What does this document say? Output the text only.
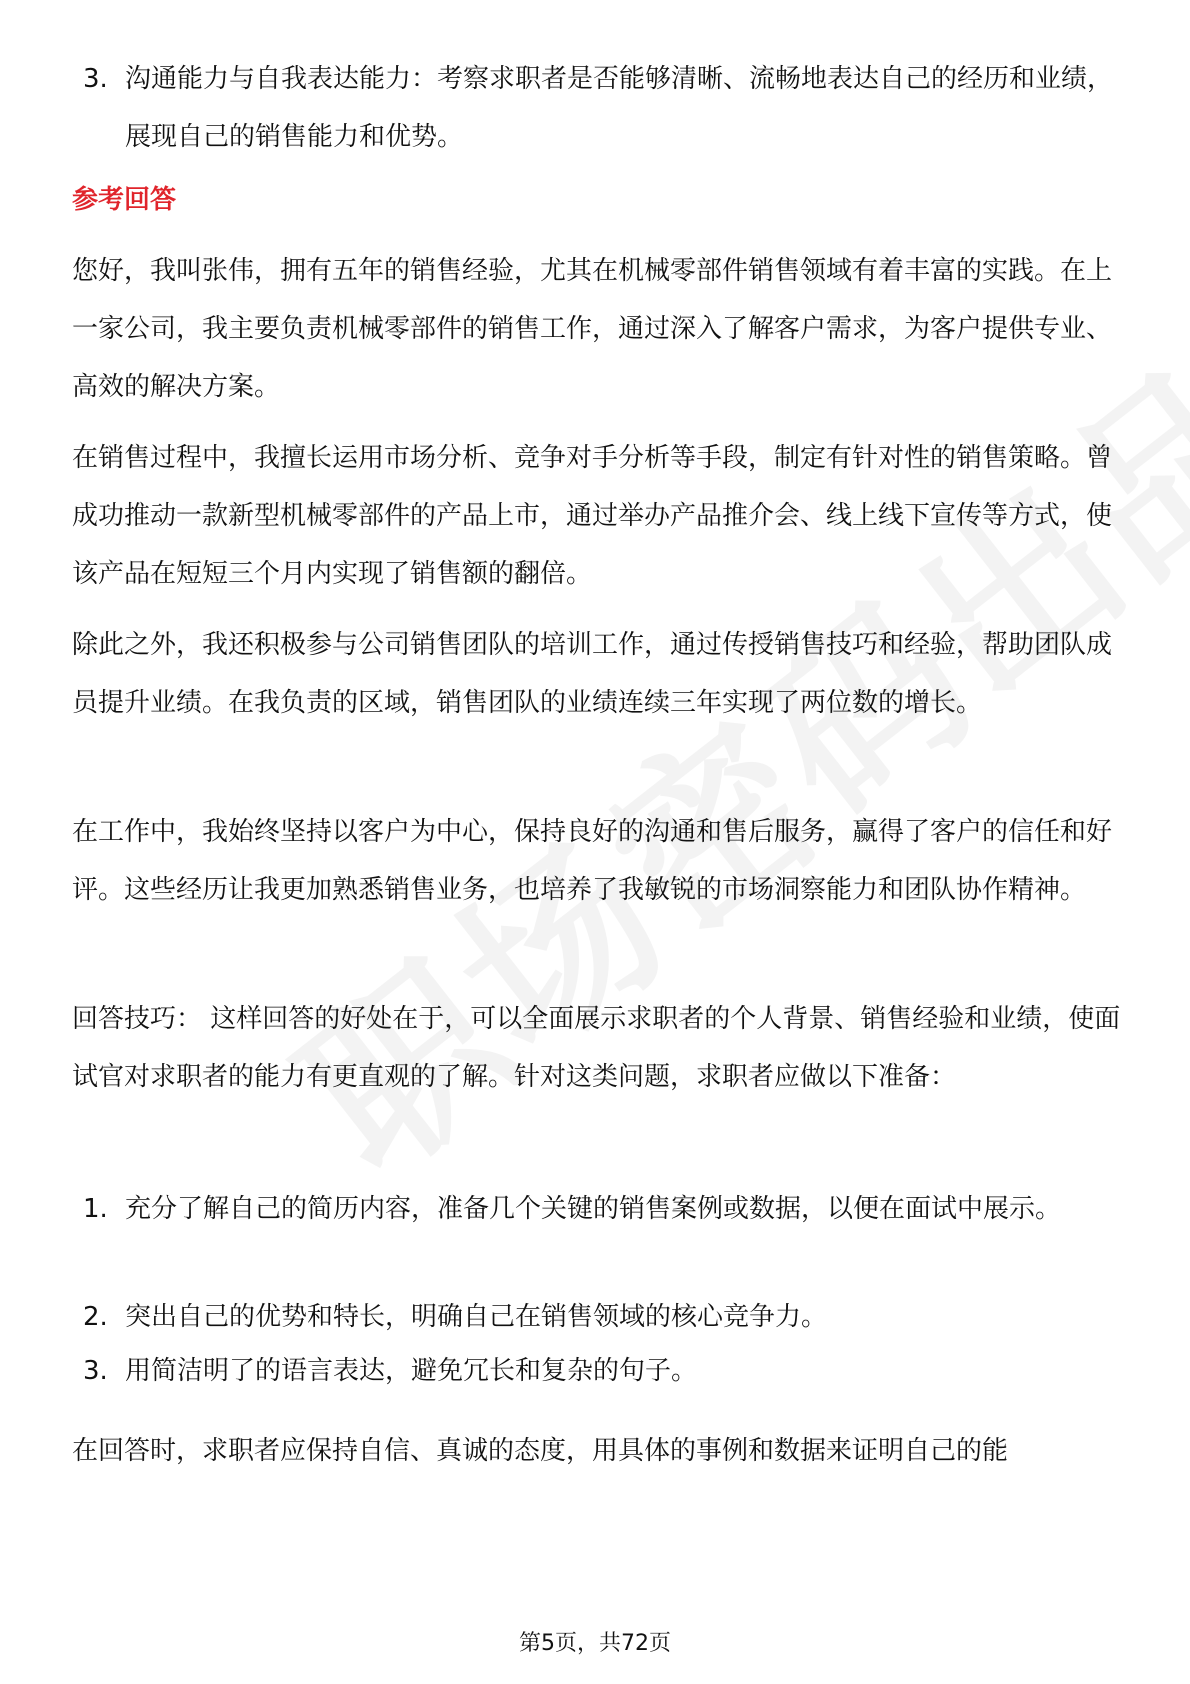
3. 沟通能力与自我表达能力：考察求职者是否能够清晰、流畅地表达自己的经历和业绩，展现自己的销售能力和优势。
参考回答
您好，我叫张伟，拥有五年的销售经验，尤其在机械零部件销售领域有着丰富的实践。在上一家公司，我主要负责机械零部件的销售工作，通过深入了解客户需求，为客户提供专业、高效的解决方案。
在销售过程中，我擅长运用市场分析、竞争对手分析等手段，制定有针对性的销售策略。曾成功推动一款新型机械零部件的产品上市，通过举办产品推介会、线上线下宣传等方式，使该产品在短短三个月内实现了销售额的翻倍。
除此之外，我还积极参与公司销售团队的培训工作，通过传授销售技巧和经验，帮助团队成员提升业绩。在我负责的区域，销售团队的业绩连续三年实现了两位数的增长。
在工作中，我始终坚持以客户为中心，保持良好的沟通和售后服务，赢得了客户的信任和好评。这些经历让我更加熟悉销售业务，也培养了我敏锐的市场洞察能力和团队协作精神。
回答技巧： 这样回答的好处在于，可以全面展示求职者的个人背景、销售经验和业绩，使面试官对求职者的能力有更直观的了解。针对这类问题，求职者应做以下准备：
1. 充分了解自己的简历内容，准备几个关键的销售案例或数据，以便在面试中展示。
2. 突出自己的优势和特长，明确自己在销售领域的核心竞争力。
3. 用简洁明了的语言表达，避免冗长和复杂的句子。
在回答时，求职者应保持自信、真诚的态度，用具体的事例和数据来证明自己的能
第5页，共72页
